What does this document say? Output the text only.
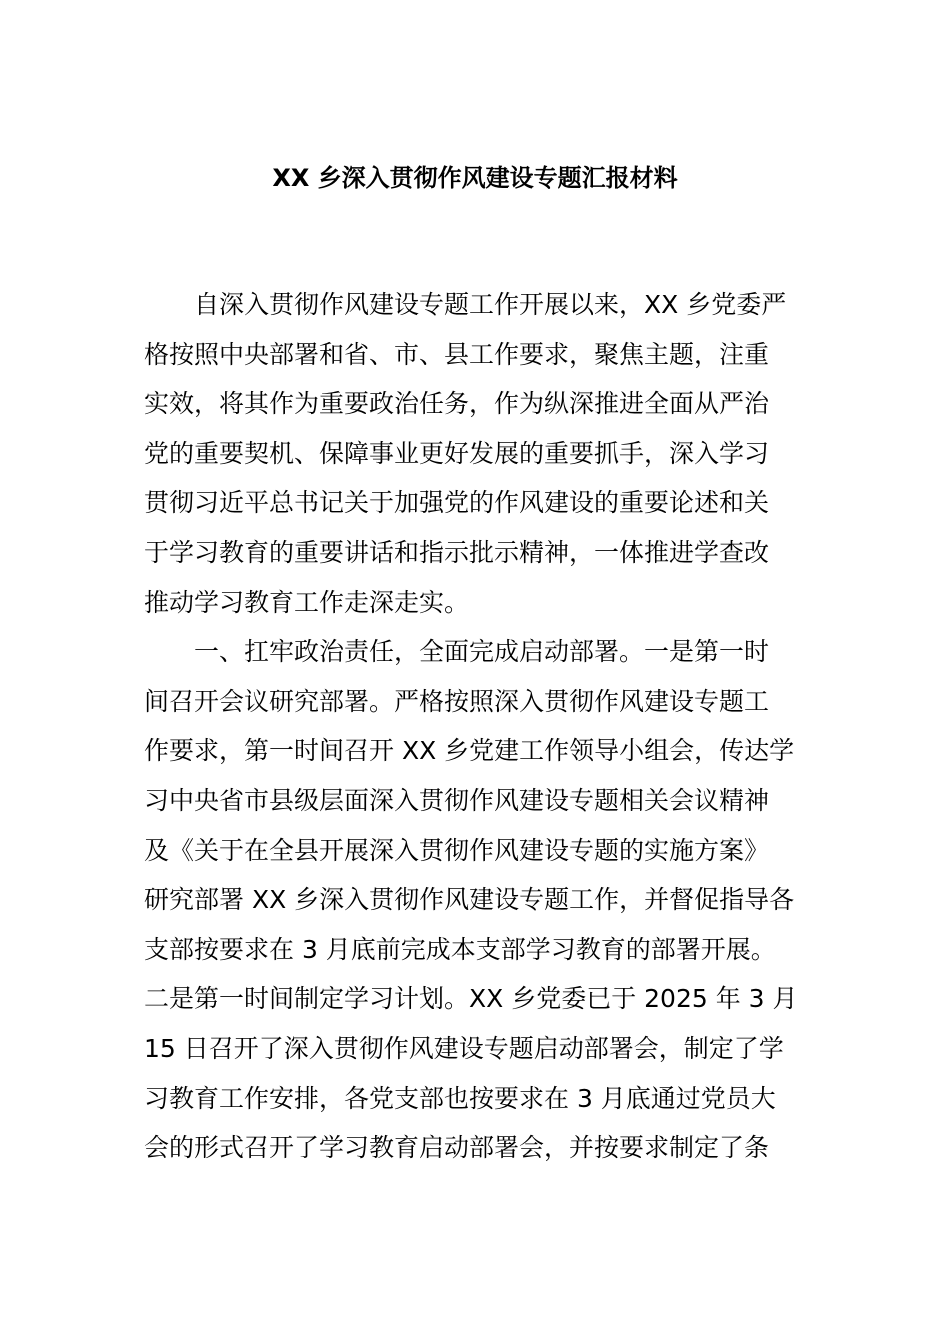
XX 乡深入贯彻作风建设专题汇报材料
自深入贯彻作风建设专题工作开展以来，XX 乡党委严
格按照中央部署和省、市、县工作要求，聚焦主题，注重
实效，将其作为重要政治任务，作为纵深推进全面从严治
党的重要契机、保障事业更好发展的重要抓手，深入学习
贯彻习近平总书记关于加强党的作风建设的重要论述和关
于学习教育的重要讲话和指示批示精神，一体推进学查改
推动学习教育工作走深走实。
一、扛牢政治责任，全面完成启动部署。一是第一时
间召开会议研究部署。严格按照深入贯彻作风建设专题工
作要求，第一时间召开 XX 乡党建工作领导小组会，传达学
习中央省市县级层面深入贯彻作风建设专题相关会议精神
及《关于在全县开展深入贯彻作风建设专题的实施方案》
研究部署 XX 乡深入贯彻作风建设专题工作，并督促指导各
支部按要求在 3 月底前完成本支部学习教育的部署开展。
二是第一时间制定学习计划。XX 乡党委已于 2025 年 3 月
15 日召开了深入贯彻作风建设专题启动部署会，制定了学
习教育工作安排，各党支部也按要求在 3 月底通过党员大
会的形式召开了学习教育启动部署会，并按要求制定了条
